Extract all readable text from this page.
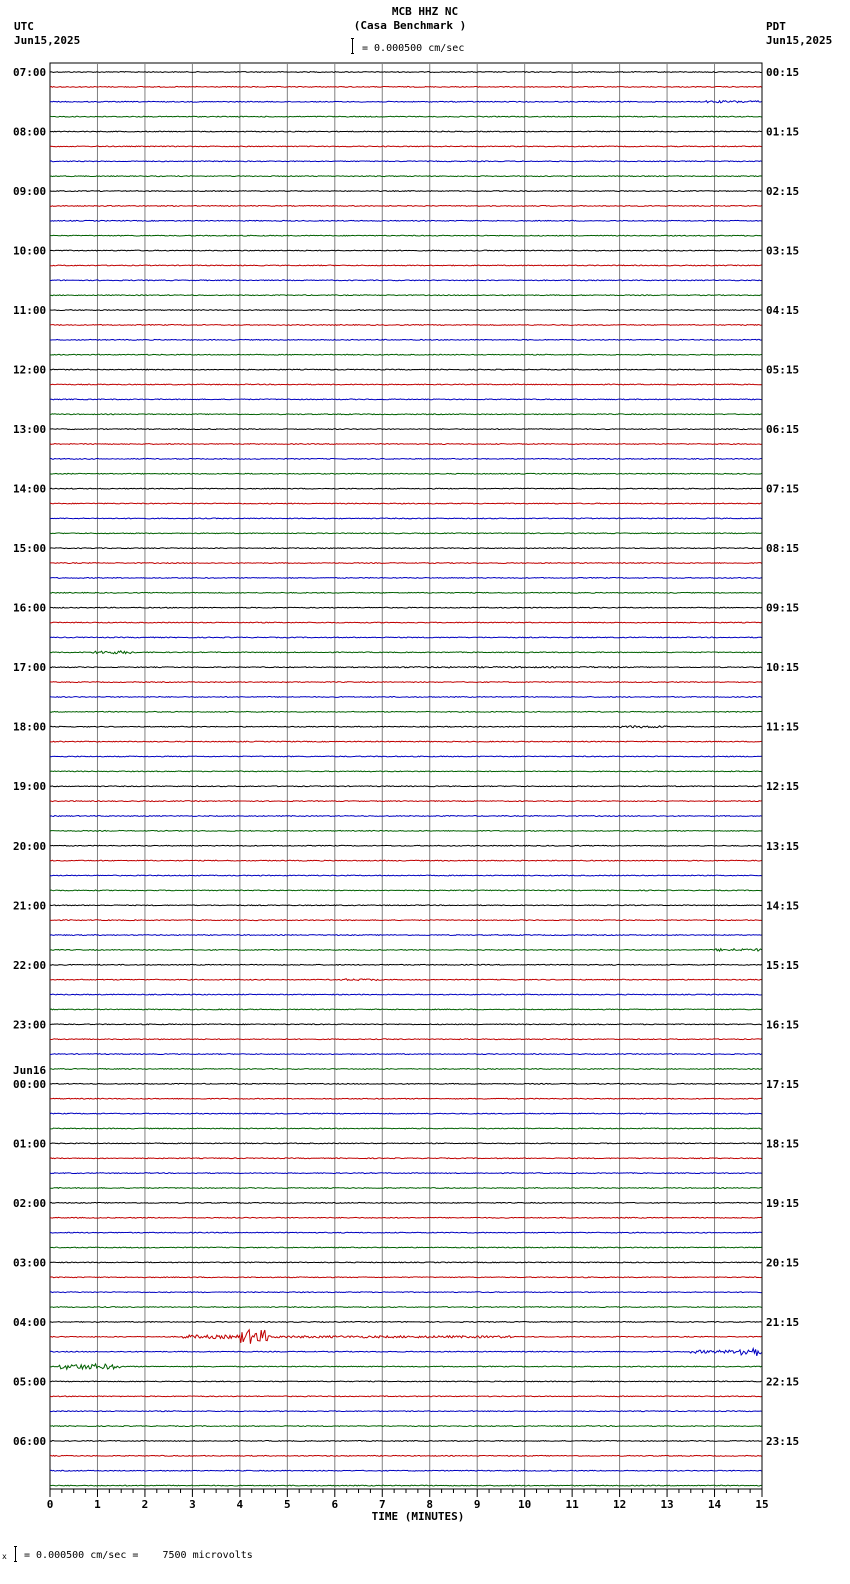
MCB HHZ NC
(Casa Benchmark )
UTC
Jun15,2025
PDT
Jun15,2025
= 0.000500 cm/sec
07:00	00:15
08:00	01:15
09:00	02:15
10:00	03:15
11:00	04:15
12:00	05:15
13:00	06:15
14:00	07:15
15:00	08:15
16:00	09:15
17:00	10:15
18:00	11:15
19:00	12:15
20:00	13:15
21:00	14:15
22:00	15:15
23:00	16:15
00:00	17:15
Jun16
01:00	18:15
02:00	19:15
03:00	20:15
04:00	21:15
05:00	22:15
06:00	23:15
0	1	2	3	4	5	6	7	8	9	10	11	12	13	14	15
TIME (MINUTES)
x = 0.000500 cm/sec =    7500 microvolts
